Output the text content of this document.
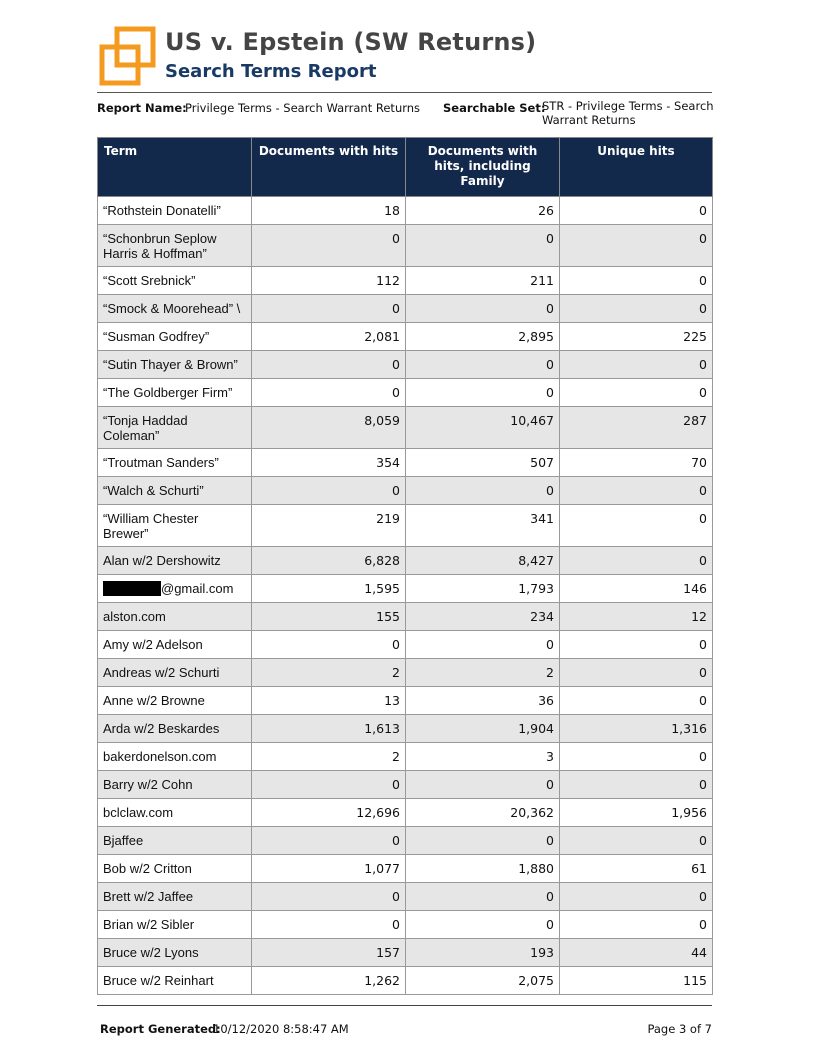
US v. Epstein (SW Returns)
Search Terms Report
Report Name:
Privilege Terms - Search Warrant Returns Searchable Set:
STR - Privilege Terms - Search Warrant Returns
Term	Documents with hits	Documents with hits, including Family	Unique hits
“Rothstein Donatelli”	18	26	0
“Schonbrun Seplow Harris & Hoffman”	0	0	0
“Scott Srebnick”	112	211	0
“Smock & Moorehead” \	0	0	0
“Susman Godfrey”	2,081	2,895	225
“Sutin Thayer & Brown”	0	0	0
“The Goldberger Firm”	0	0	0
“Tonja Haddad Coleman”	8,059	10,467	287
“Troutman Sanders”	354	507	70
“Walch & Schurti”	0	0	0
“William Chester Brewer”	219	341	0
Alan w/2 Dershowitz	6,828	8,427	0
@gmail.com	1,595	1,793	146
alston.com	155	234	12
Amy w/2 Adelson	0	0	0
Andreas w/2 Schurti	2	2	0
Anne w/2 Browne	13	36	0
Arda w/2 Beskardes	1,613	1,904	1,316
bakerdonelson.com	2	3	0
Barry w/2 Cohn	0	0	0
bclclaw.com	12,696	20,362	1,956
Bjaffee	0	0	0
Bob w/2 Critton	1,077	1,880	61
Brett w/2 Jaffee	0	0	0
Brian w/2 Sibler	0	0	0
Bruce w/2 Lyons	157	193	44
Bruce w/2 Reinhart	1,262	2,075	115
Report Generated:
10/12/2020 8:58:47 AM	Page 3 of 7
